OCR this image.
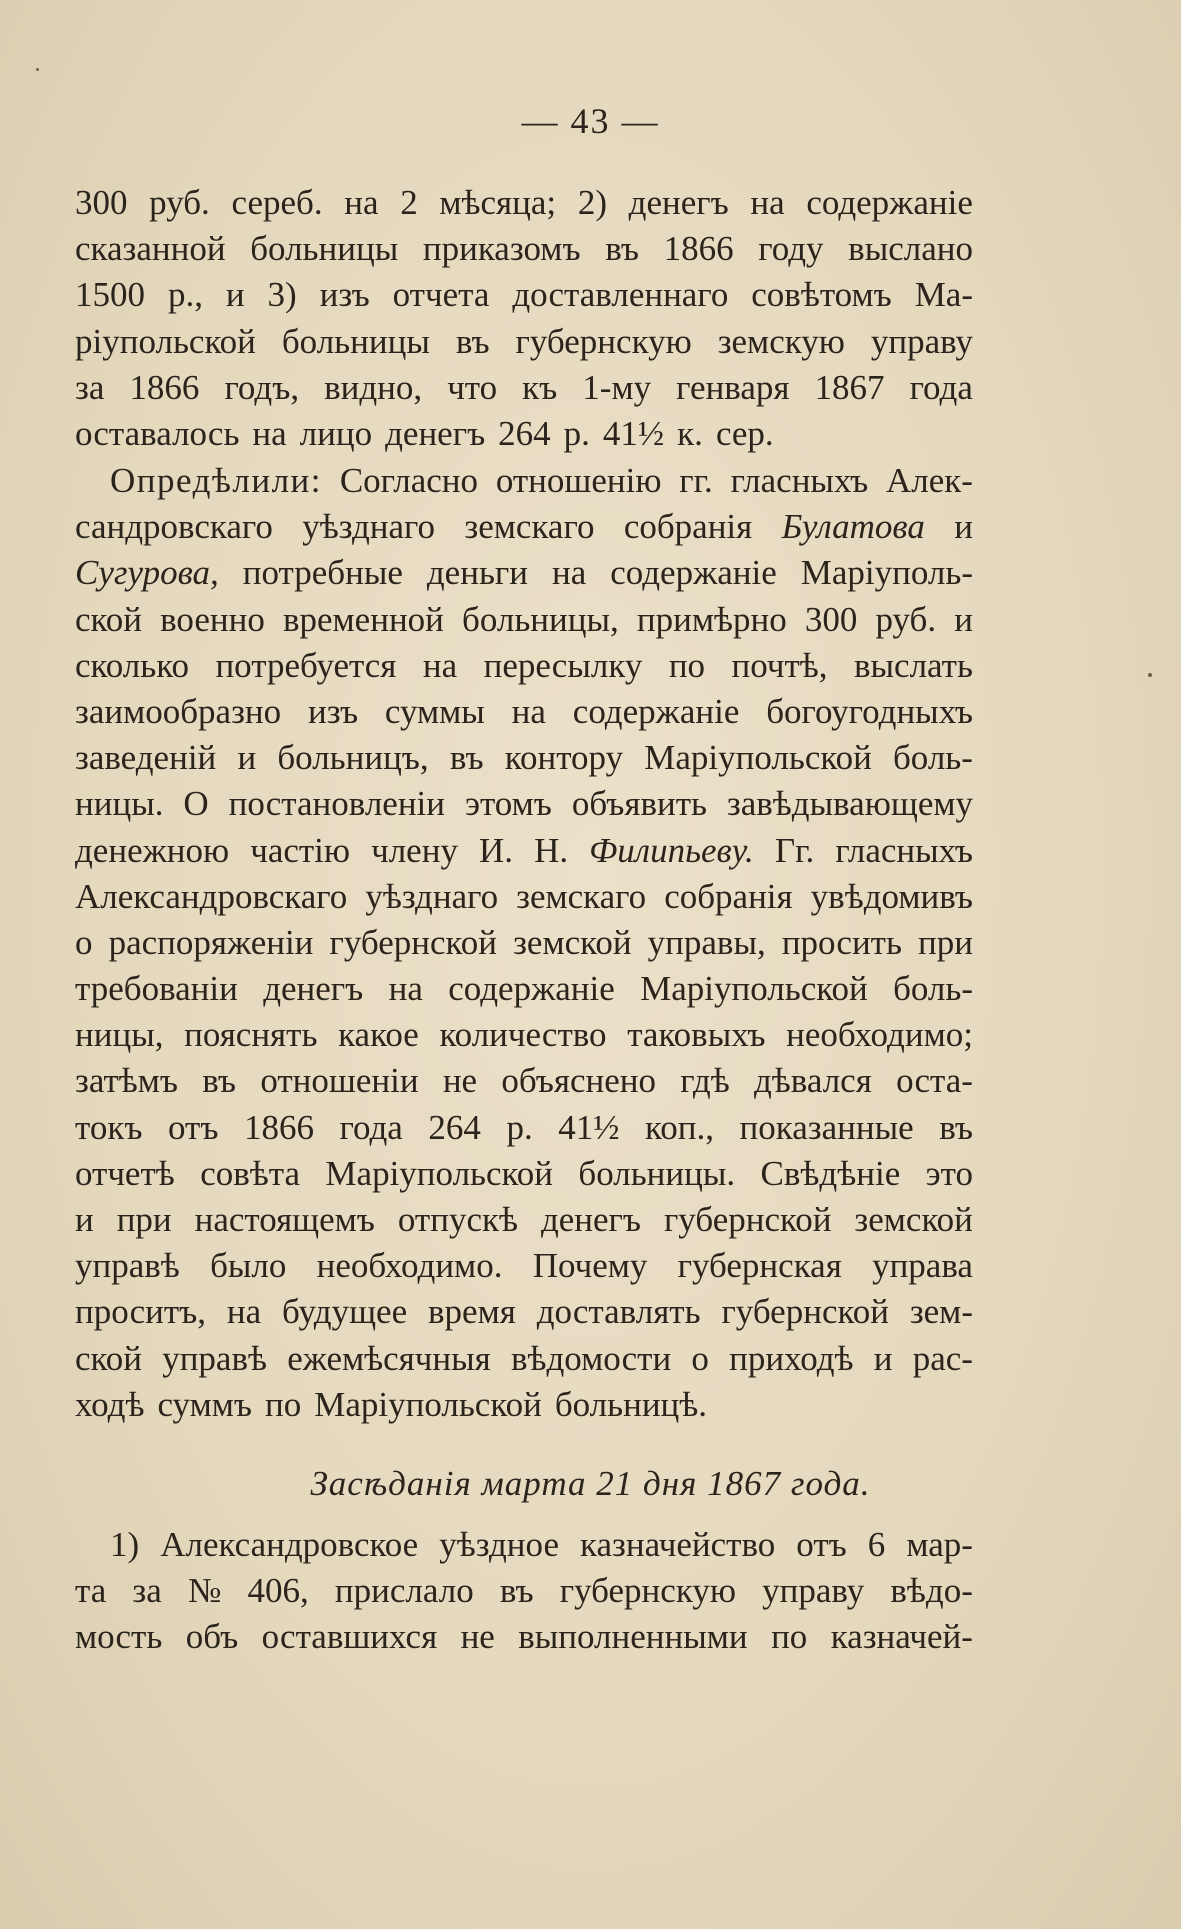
— 43 —
300 руб. сереб. на 2 мѣсяца; 2) денегъ на содержаніе
сказанной больницы приказомъ въ 1866 году выслано
1500 р., и 3) изъ отчета доставленнаго совѣтомъ Ма-
ріупольской больницы въ губернскую земскую управу
за 1866 годъ, видно, что къ 1-му генваря 1867 года
оставалось на лицо денегъ 264 р. 41½ к. сер.
Опредѣлили: Согласно отношенію гг. гласныхъ Алек-
сандровскаго уѣзднаго земскаго собранія Булатова и
Сугурова, потребные деньги на содержаніе Маріуполь-
ской военно временной больницы, примѣрно 300 руб. и
сколько потребуется на пересылку по почтѣ, выслать
заимообразно изъ суммы на содержаніе богоугодныхъ
заведеній и больницъ, въ контору Маріупольской боль-
ницы. О постановленіи этомъ объявить завѣдывающему
денежною частію члену И. Н. Филипьеву. Гг. гласныхъ
Александровскаго уѣзднаго земскаго собранія увѣдомивъ
о распоряженіи губернской земской управы, просить при
требованіи денегъ на содержаніе Маріупольской боль-
ницы, пояснять какое количество таковыхъ необходимо;
затѣмъ въ отношеніи не объяснено гдѣ дѣвался оста-
токъ отъ 1866 года 264 р. 41½ коп., показанные въ
отчетѣ совѣта Маріупольской больницы. Свѣдѣніе это
и при настоящемъ отпускѣ денегъ губернской земской
управѣ было необходимо. Почему губернская управа
проситъ, на будущее время доставлять губернской зем-
ской управѣ ежемѣсячныя вѣдомости о приходѣ и рас-
ходѣ суммъ по Маріупольской больницѣ.
Засѣданія марта 21 дня 1867 года.
1) Александровское уѣздное казначейство отъ 6 мар-
та за № 406, прислало въ губернскую управу вѣдо-
мость объ оставшихся не выполненными по казначей-
